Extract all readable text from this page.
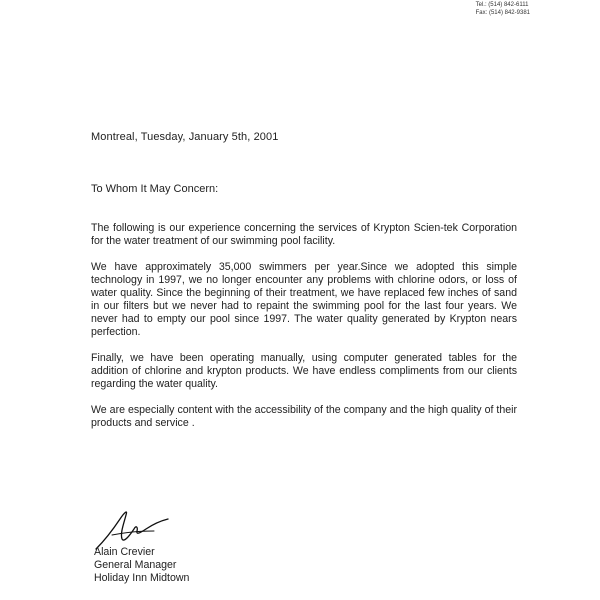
Tel.: (514) 842-6111
Fax: (514) 842-9381
Montreal, Tuesday, January 5th, 2001
To Whom It May Concern:

The following is our experience concerning the services of Krypton Scien-tek Corporation for the water treatment of our swimming pool facility.

We have approximately 35,000 swimmers per year.Since we adopted this simple technology in 1997, we no longer encounter any problems with chlorine odors, or loss of water quality. Since the beginning of their treatment, we have replaced few inches of sand in our filters but we never had to repaint the swimming pool for the last four years. We never had to empty our pool since 1997. The water quality generated by Krypton nears perfection.

Finally, we have been operating manually, using computer generated tables for the addition of chlorine and krypton products. We have endless compliments from our clients regarding the water quality.

We are especially content with the accessibility of the company and the high quality of their products and service .

Alain Crevier
General Manager
Holiday Inn Midtown
